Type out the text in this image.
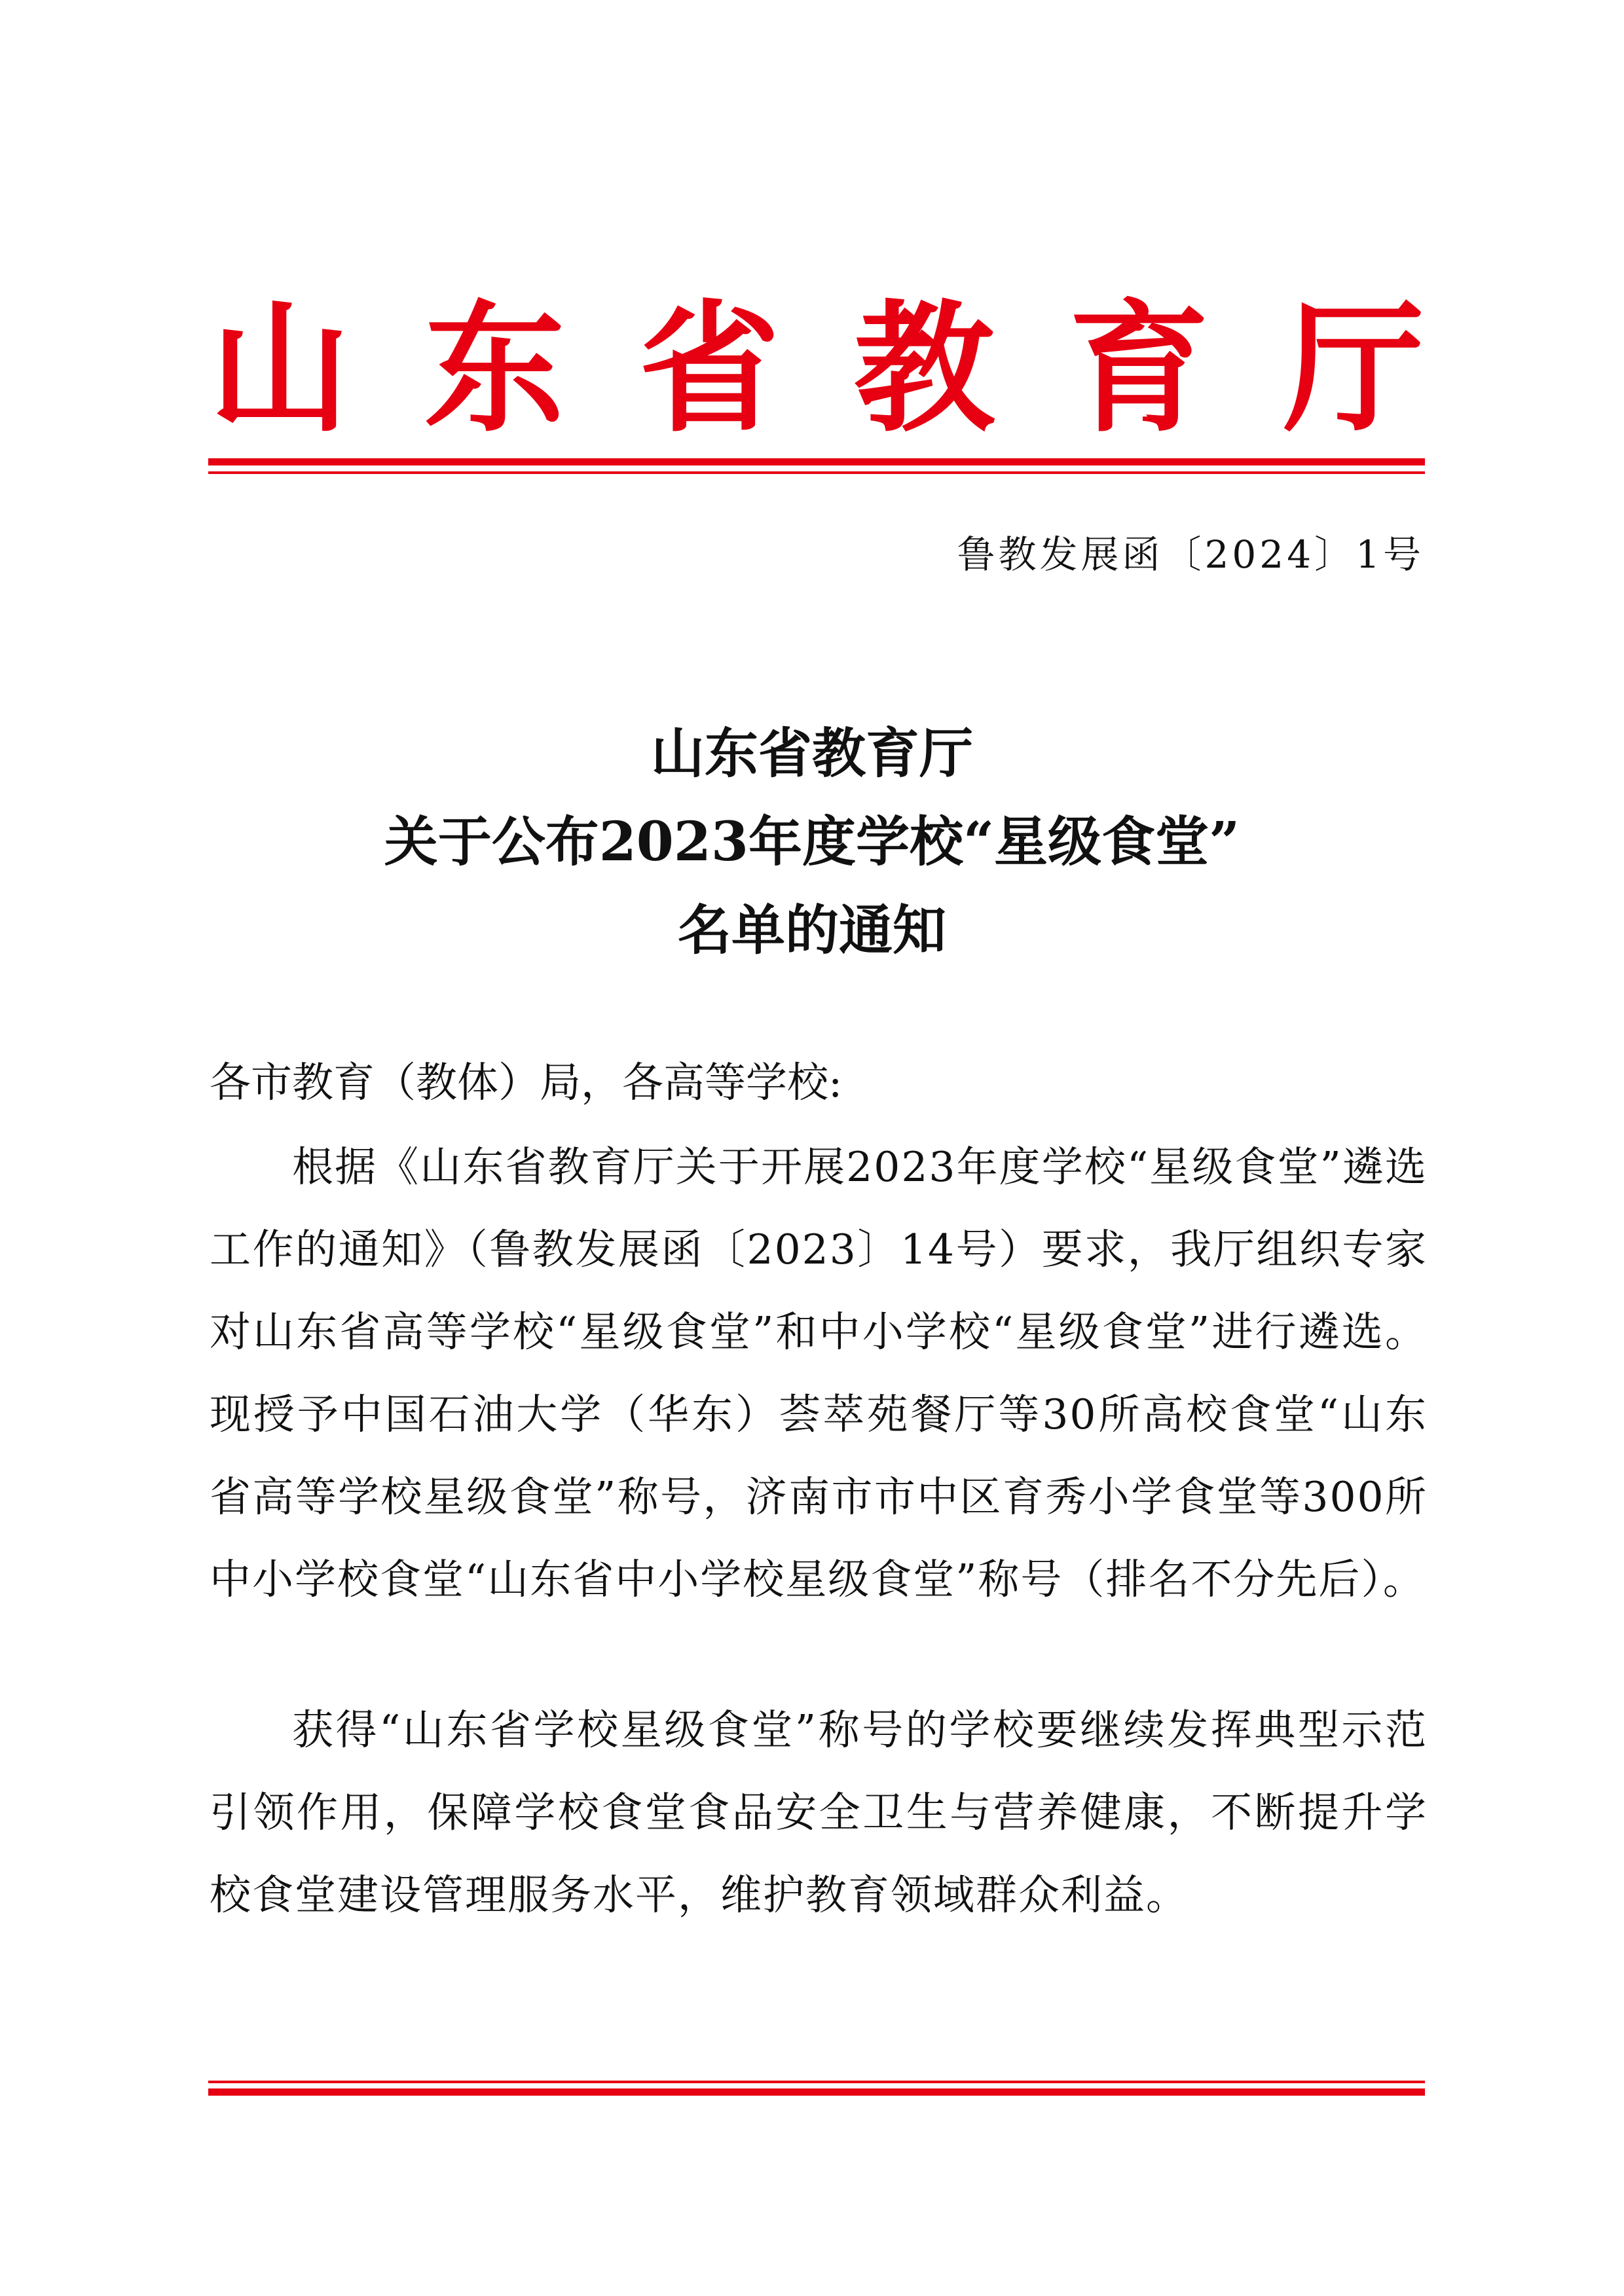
山 东 省 教 育 厅
鲁教发展函〔2024〕1号
山东省教育厅
关于公布2023年度学校“星级食堂”
名单的通知
各市教育（教体）局，各高等学校:
根据《山东省教育厅关于开展2023年度学校“星级食堂”遴选工作的通知》（鲁教发展函〔2023〕14号）要求，我厅组织专家对山东省高等学校“星级食堂”和中小学校“星级食堂”进行遴选。现授予中国石油大学（华东）荟萃苑餐厅等30所高校食堂“山东省高等学校星级食堂”称号，济南市市中区育秀小学食堂等300所中小学校食堂“山东省中小学校星级食堂”称号（排名不分先后）。
获得“山东省学校星级食堂”称号的学校要继续发挥典型示范引领作用，保障学校食堂食品安全卫生与营养健康，不断提升学校食堂建设管理服务水平，维护教育领域群众利益。
